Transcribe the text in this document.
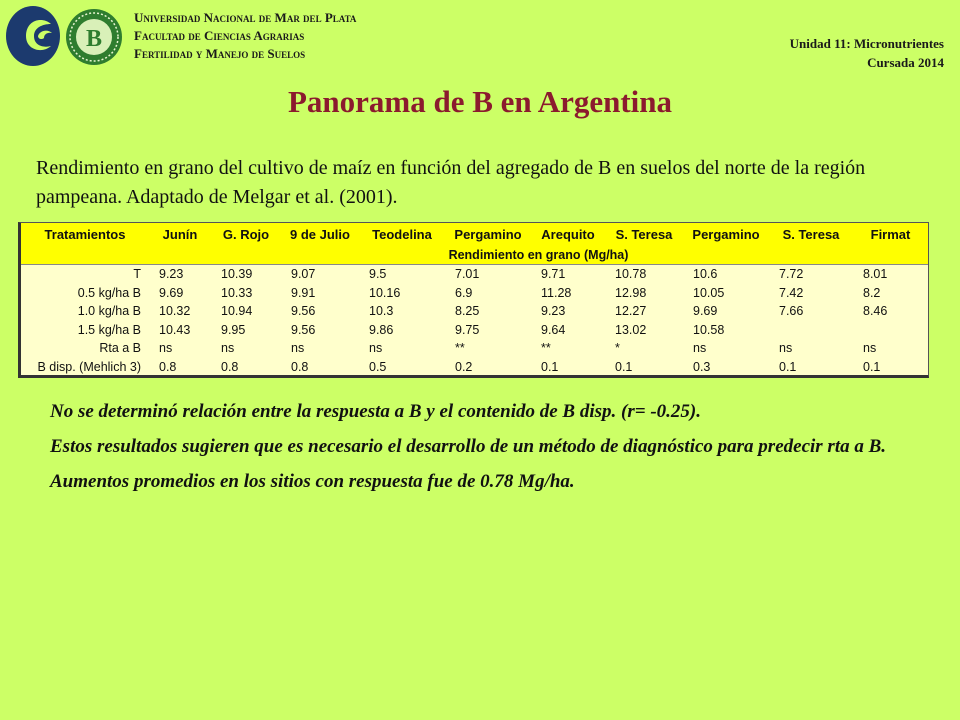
B
Universidad Nacional de Mar del Plata
Facultad de Ciencias Agrarias
Fertilidad y Manejo de Suelos
Unidad 11: Micronutrientes
Cursada 2014
Panorama de B en Argentina
Rendimiento en grano del cultivo de maíz en función del agregado de B en suelos del norte de la región pampeana. Adaptado de Melgar et al. (2001).
Tratamientos	Junín	G. Rojo	9 de Julio	Teodelina	Pergamino	Arequito	S. Teresa	Pergamino	S. Teresa	Firmat
	Rendimiento en grano (Mg/ha)									
T	9.23	10.39	9.07	9.5	7.01	9.71	10.78	10.6	7.72	8.01
0.5 kg/ha B	9.69	10.33	9.91	10.16	6.9	11.28	12.98	10.05	7.42	8.2
1.0 kg/ha B	10.32	10.94	9.56	10.3	8.25	9.23	12.27	9.69	7.66	8.46
1.5 kg/ha B	10.43	9.95	9.56	9.86	9.75	9.64	13.02	10.58		
Rta a B	ns	ns	ns	ns	**	**	*	ns	ns	ns
B disp. (Mehlich 3)	0.8	0.8	0.8	0.5	0.2	0.1	0.1	0.3	0.1	0.1

No se determinó relación entre la respuesta a B y el contenido de B disp. (r= -0.25).

Estos resultados sugieren que es necesario el desarrollo de un método de diagnóstico para predecir rta a B.

Aumentos promedios en los sitios con respuesta fue de 0.78 Mg/ha.
